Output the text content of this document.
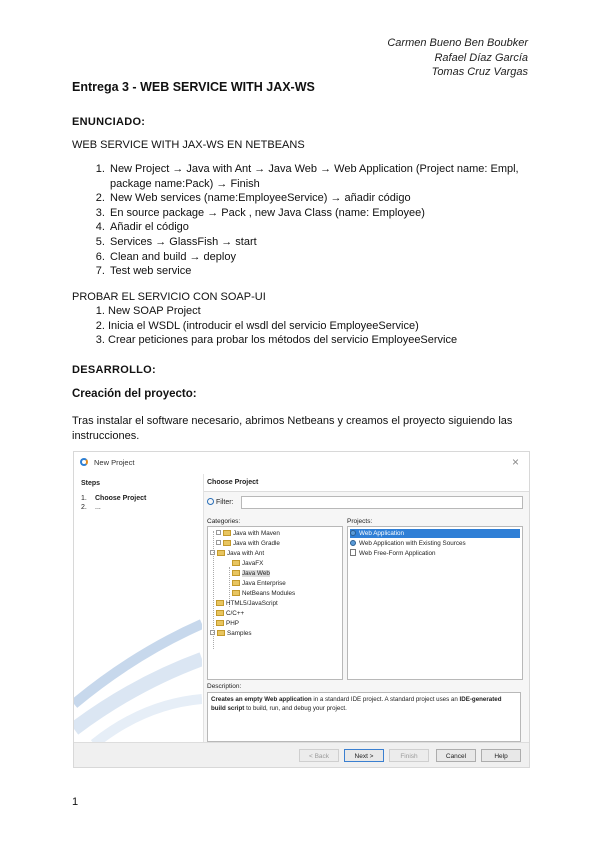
Carmen Bueno Ben Boubker
Rafael Díaz García
Tomas Cruz Vargas
Entrega 3 - WEB SERVICE WITH JAX-WS
ENUNCIADO:
WEB SERVICE WITH JAX-WS EN NETBEANS
1. New Project → Java with Ant → Java Web → Web Application (Project name: Empl, package name:Pack) → Finish
2. New Web services (name:EmployeeService) → añadir código
3. En source package → Pack , new Java Class (name: Employee)
4. Añadir el código
5. Services → GlassFish → start
6. Clean and build → deploy
7. Test web service
PROBAR EL SERVICIO CON SOAP-UI
1. New SOAP Project
2. Inicia el WSDL (introducir el wsdl del servicio EmployeeService)
3. Crear peticiones para probar los métodos del servicio EmployeeService
DESARROLLO:
Creación del proyecto:
Tras instalar el software necesario, abrimos Netbeans y creamos el proyecto siguiendo las instrucciones.
New Project	×
Steps
1. Choose Project
2. ...
Choose Project
Filter:
Categories:	Projects:
Java with Maven
Java with Gradle
Java with Ant
JavaFX
Java Web
Java Enterprise
NetBeans Modules
HTML5/JavaScript
C/C++
PHP
Samples
Web Application
Web Application with Existing Sources
Web Free-Form Application
Description:
Creates an empty Web application in a standard IDE project. A standard project uses an IDE-generated build script to build, run, and debug your project.
< Back	Next >	Finish	Cancel	Help
1
